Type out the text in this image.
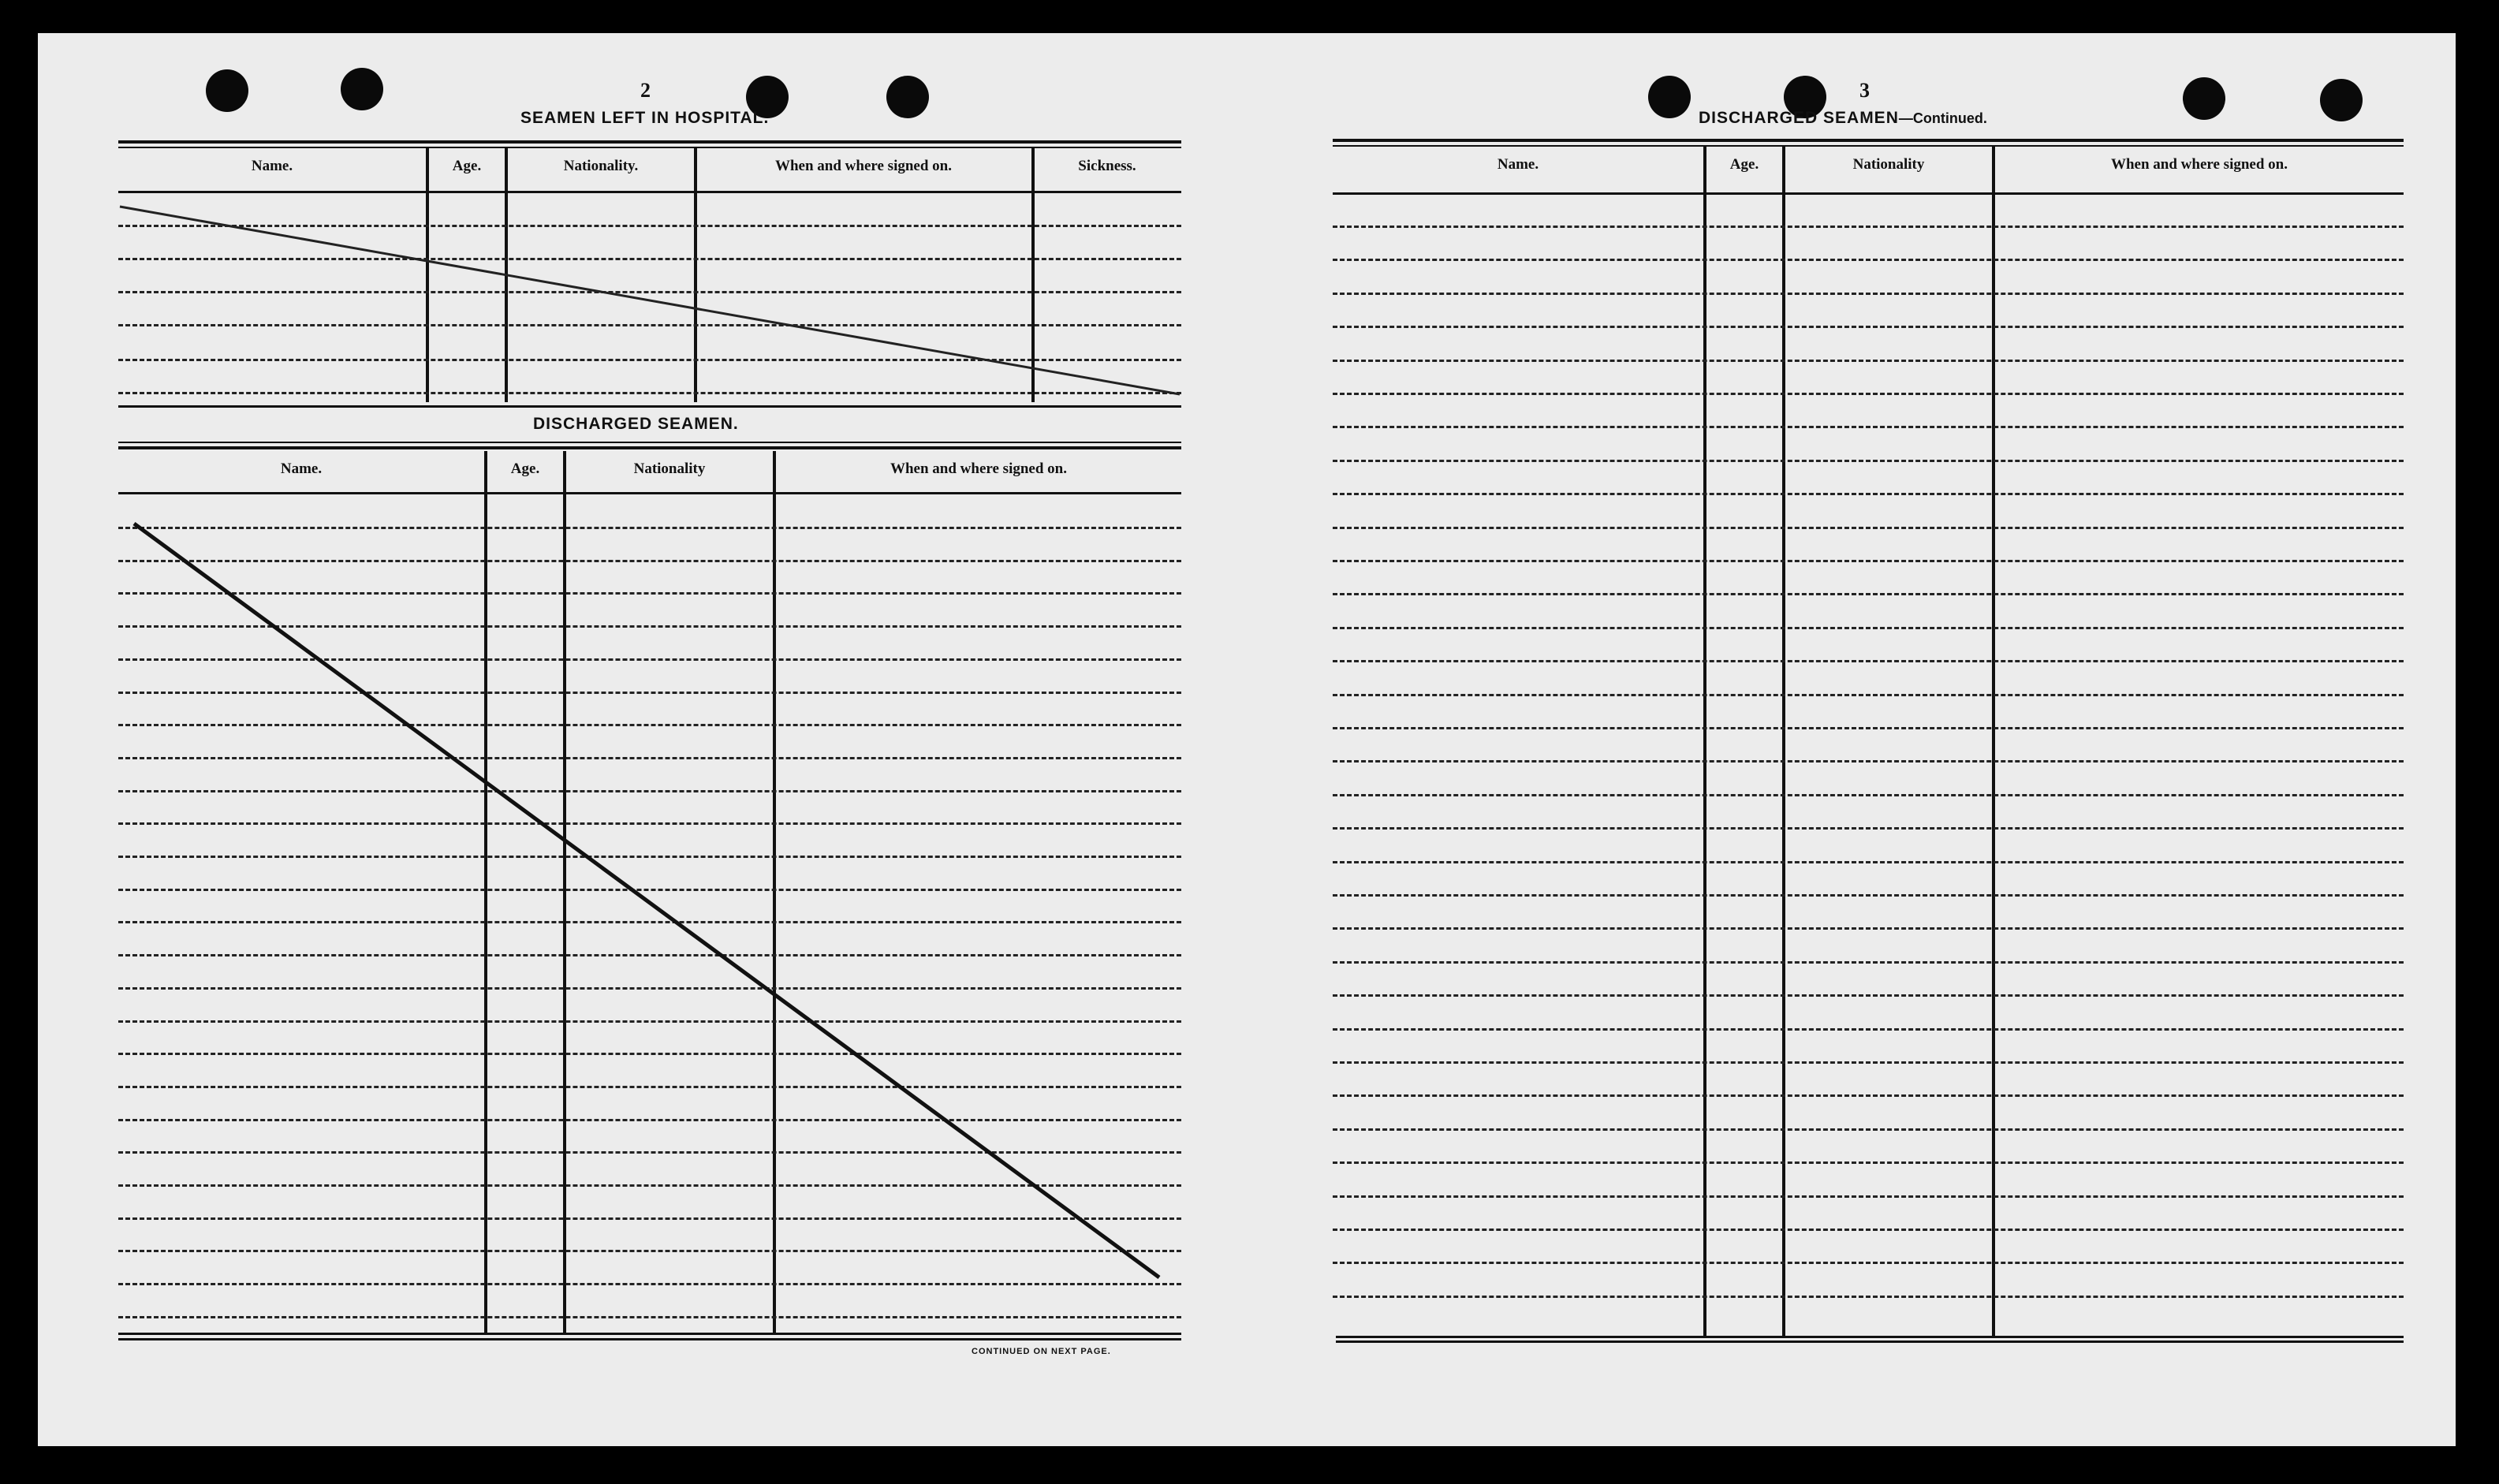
2
SEAMEN LEFT IN HOSPITAL.
Name.	Age.	Nationality.	When and where signed on.	Sickness.
DISCHARGED SEAMEN.
Name.	Age.	Nationality	When and where signed on.
CONTINUED ON NEXT PAGE.
3
DISCHARGED SEAMEN—Continued.
Name.	Age.	Nationality	When and where signed on.
